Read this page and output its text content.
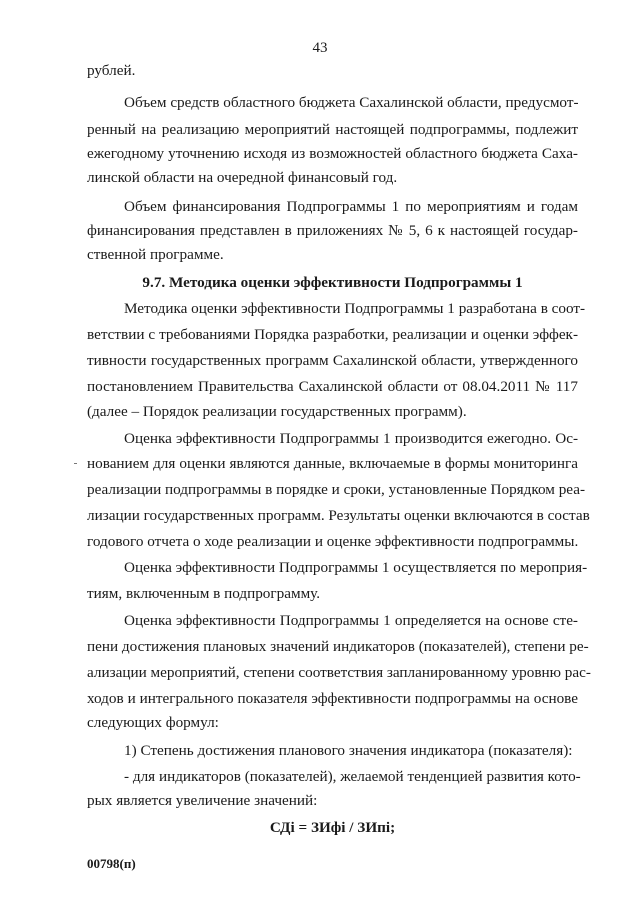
43
рублей.
Объем средств областного бюджета Сахалинской области, предусмот-
ренный на реализацию мероприятий настоящей подпрограммы, подлежит
ежегодному уточнению исходя из возможностей областного бюджета Саха-
линской области на очередной финансовый год.
Объем финансирования Подпрограммы 1 по мероприятиям и годам
финансирования представлен в приложениях № 5, 6 к настоящей государ-
ственной программе.
9.7. Методика оценки эффективности Подпрограммы 1
Методика оценки эффективности Подпрограммы 1 разработана в соот-
ветствии с требованиями Порядка разработки, реализации и оценки эффек-
тивности государственных программ Сахалинской области, утвержденного
постановлением Правительства Сахалинской области от 08.04.2011 № 117
(далее – Порядок реализации государственных программ).
Оценка эффективности Подпрограммы 1 производится ежегодно. Ос-
нованием для оценки являются данные, включаемые в формы мониторинга
реализации подпрограммы в порядке и сроки, установленные Порядком реа-
лизации государственных программ. Результаты оценки включаются в состав
годового отчета о ходе реализации и оценке эффективности подпрограммы.
Оценка эффективности Подпрограммы 1 осуществляется по мероприя-
тиям, включенным в подпрограмму.
Оценка эффективности Подпрограммы 1 определяется на основе сте-
пени достижения плановых значений индикаторов (показателей), степени ре-
ализации мероприятий, степени соответствия запланированному уровню рас-
ходов и интегрального показателя эффективности подпрограммы на основе
следующих формул:
1) Степень достижения планового значения индикатора (показателя):
- для индикаторов (показателей), желаемой тенденцией развития кото-
рых является увеличение значений:
СДі = ЗИфі / ЗИпі;
00798(п)
